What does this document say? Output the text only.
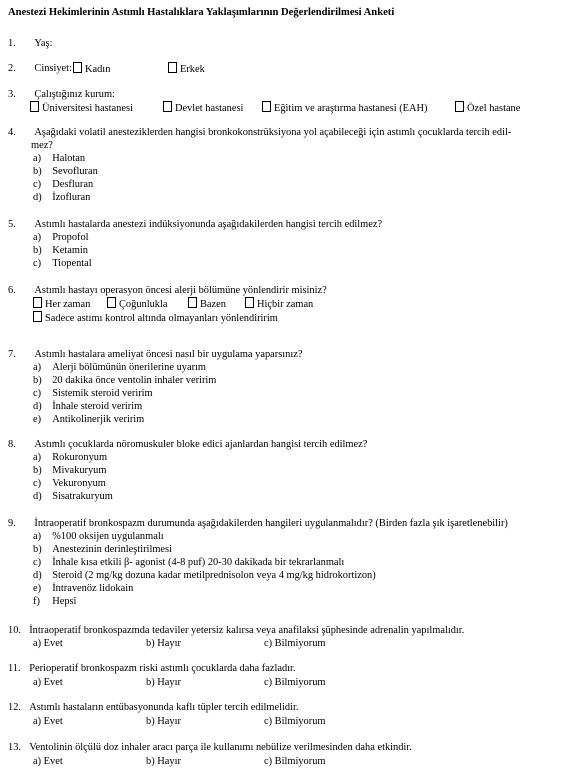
Anestezi Hekimlerinin Astımlı Hastalıklara Yaklaşımlarının Değerlendirilmesi Anketi
1. Yaş:
2. Cinsiyet:	Kadın	Erkek
3. Çalıştığınız kurum:
Üniversitesi hastanesi	Devlet hastanesi	Eğitim ve araştırma hastanesi (EAH)	Özel hastane
4. Aşağıdaki volatil anesteziklerden hangisi bronkokonstrüksiyona yol açabileceği için astımlı çocuklarda tercih edil-
mez?
a) Halotan
b) Sevofluran
c) Desfluran
d) İzofluran
5. Astımlı hastalarda anestezi indüksiyonunda aşağıdakilerden hangisi tercih edilmez?
a) Propofol
b) Ketamin
c) Tiopental
6. Astımlı hastayı operasyon öncesi alerji bölümüne yönlendirir misiniz?
Her zaman	Çoğunlukla	Bazen	Hiçbir zaman
Sadece astımı kontrol altında olmayanları yönlendiririm
7. Astımlı hastalara ameliyat öncesi nasıl bir uygulama yaparsınız?
a) Alerji bölümünün önerilerine uyarım
b) 20 dakika önce ventolin inhaler veririm
c) Sistemik steroid veririm
d) İnhale steroid veririm
e) Antikolinerjik veririm
8. Astımlı çocuklarda nöromuskuler bloke edici ajanlardan hangisi tercih edilmez?
a) Rokuronyum
b) Mivakuryum
c) Vekuronyum
d) Sisatrakuryum
9. İntraoperatif bronkospazm durumunda aşağıdakilerden hangileri uygulanmalıdır? (Birden fazla şık işaretlenebilir)
a) %100 oksijen uygulanmalı
b) Anestezinin derinleştirilmesi
c) İnhale kısa etkili β- agonist (4-8 puf) 20-30 dakikada bir tekrarlanmalı
d) Steroid (2 mg/kg dozuna kadar metilprednisolon veya 4 mg/kg hidrokortizon)
e) İntravenöz lidokain
f) Hepsi
10. İntraoperatif bronkospazmda tedaviler yetersiz kalırsa veya anafilaksi şüphesinde adrenalin yapılmalıdır.
a) Evet	b) Hayır	c) Bilmiyorum
11. Perioperatif bronkospazm riski astımlı çocuklarda daha fazladır.
a) Evet	b) Hayır	c) Bilmiyorum
12. Astımlı hastaların entübasyonunda kaflı tüpler tercih edilmelidir.
a) Evet	b) Hayır	c) Bilmiyorum
13. Ventolinin ölçülü doz inhaler aracı parça ile kullanımı nebülize verilmesinden daha etkindir.
a) Evet	b) Hayır	c) Bilmiyorum
